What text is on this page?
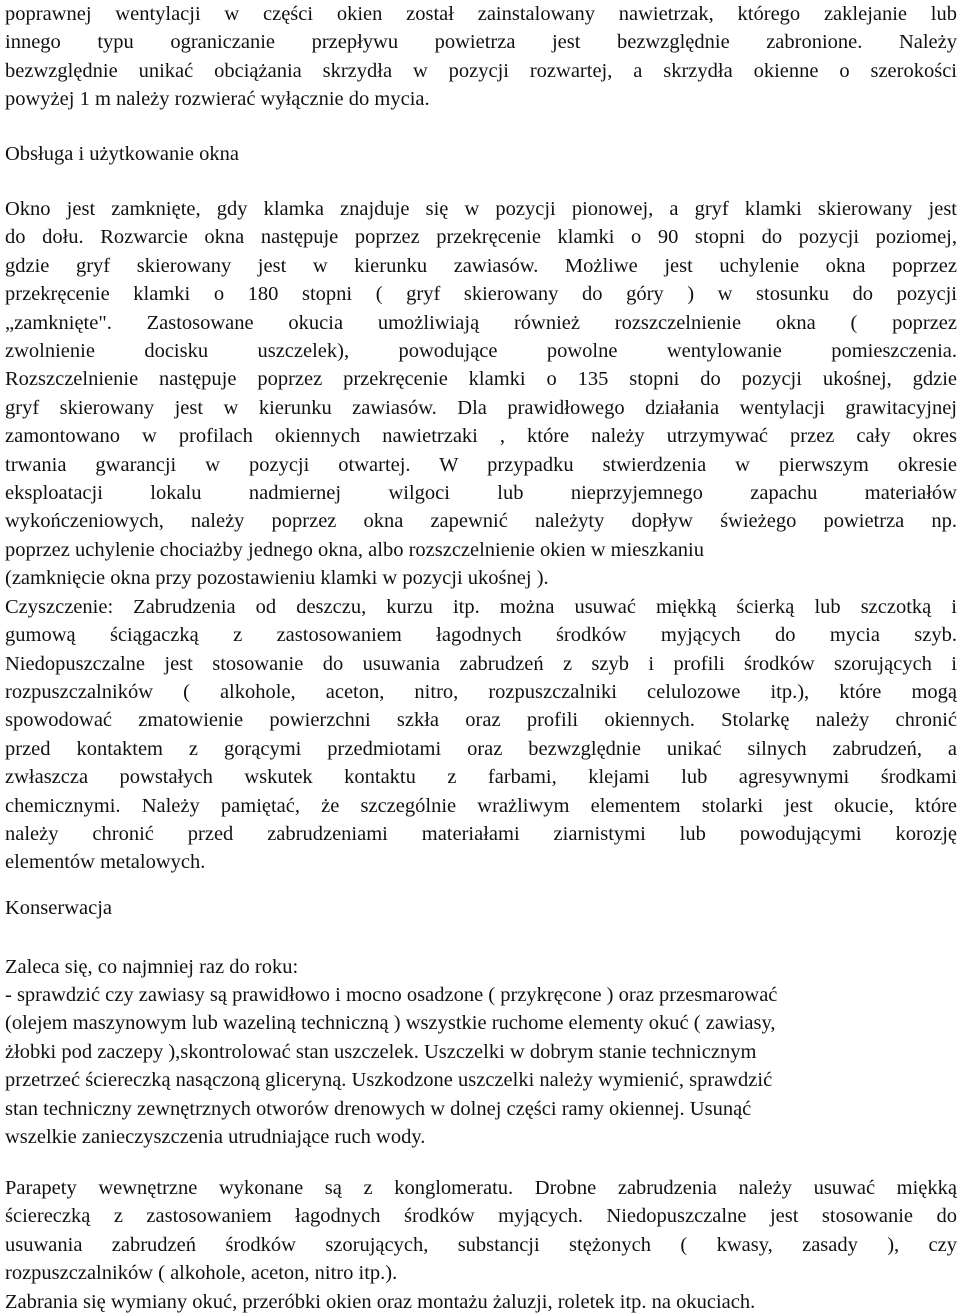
poprawnej wentylacji w części okien został zainstalowany nawietrzak, którego zaklejanie lub
innego typu ograniczanie przepływu powietrza jest bezwzględnie zabronione. Należy
bezwzględnie unikać obciążania skrzydła w pozycji rozwartej, a skrzydła okienne o szerokości
powyżej 1 m należy rozwierać wyłącznie do mycia.
Obsługa i użytkowanie okna
Okno jest zamknięte, gdy klamka znajduje się w pozycji pionowej, a gryf klamki skierowany jest
do dołu. Rozwarcie okna następuje poprzez przekręcenie klamki o 90 stopni do pozycji poziomej,
gdzie gryf skierowany jest w kierunku zawiasów. Możliwe jest uchylenie okna poprzez
przekręcenie klamki o 180 stopni ( gryf skierowany do góry ) w stosunku do pozycji
„zamknięte". Zastosowane okucia umożliwiają również rozszczelnienie okna ( poprzez
zwolnienie docisku uszczelek), powodujące powolne wentylowanie pomieszczenia.
Rozszczelnienie następuje poprzez przekręcenie klamki o 135 stopni do pozycji ukośnej, gdzie
gryf skierowany jest w kierunku zawiasów. Dla prawidłowego działania wentylacji grawitacyjnej
zamontowano w profilach okiennych nawietrzaki , które należy utrzymywać przez cały okres
trwania gwarancji w pozycji otwartej. W przypadku stwierdzenia w pierwszym okresie
eksploatacji lokalu nadmiernej wilgoci lub nieprzyjemnego zapachu materiałów
wykończeniowych, należy poprzez okna zapewnić należyty dopływ świeżego powietrza np.
poprzez uchylenie chociażby jednego okna, albo rozszczelnienie okien w mieszkaniu
(zamknięcie okna przy pozostawieniu klamki w pozycji ukośnej ).
Czyszczenie: Zabrudzenia od deszczu, kurzu itp. można usuwać miękką ścierką lub szczotką i
gumową ściągaczką z zastosowaniem łagodnych środków myjących do mycia szyb.
Niedopuszczalne jest stosowanie do usuwania zabrudzeń z szyb i profili środków szorujących i
rozpuszczalników ( alkohole, aceton, nitro, rozpuszczalniki celulozowe itp.), które mogą
spowodować zmatowienie powierzchni szkła oraz profili okiennych. Stolarkę należy chronić
przed kontaktem z gorącymi przedmiotami oraz bezwzględnie unikać silnych zabrudzeń, a
zwłaszcza powstałych wskutek kontaktu z farbami, klejami lub agresywnymi środkami
chemicznymi. Należy pamiętać, że szczególnie wrażliwym elementem stolarki jest okucie, które
należy chronić przed zabrudzeniami materiałami ziarnistymi lub powodującymi korozję
elementów metalowych.
Konserwacja
Zaleca się, co najmniej raz do roku:
- sprawdzić czy zawiasy są prawidłowo i mocno osadzone ( przykręcone ) oraz przesmarować
(olejem maszynowym lub wazeliną techniczną ) wszystkie ruchome elementy okuć ( zawiasy,
żłobki pod zaczepy ),skontrolować stan uszczelek. Uszczelki w dobrym stanie technicznym
przetrzeć ściereczką nasączoną gliceryną. Uszkodzone uszczelki należy wymienić, sprawdzić
stan techniczny zewnętrznych otworów drenowych w dolnej części ramy okiennej. Usunąć
wszelkie zanieczyszczenia utrudniające ruch wody.
Parapety wewnętrzne wykonane są z konglomeratu. Drobne zabrudzenia należy usuwać miękką
ściereczką z zastosowaniem łagodnych środków myjących. Niedopuszczalne jest stosowanie do
usuwania zabrudzeń środków szorujących, substancji stężonych ( kwasy, zasady ), czy
rozpuszczalników ( alkohole, aceton, nitro itp.).
Zabrania się wymiany okuć, przeróbki okien oraz montażu żaluzji, roletek itp. na okuciach.
